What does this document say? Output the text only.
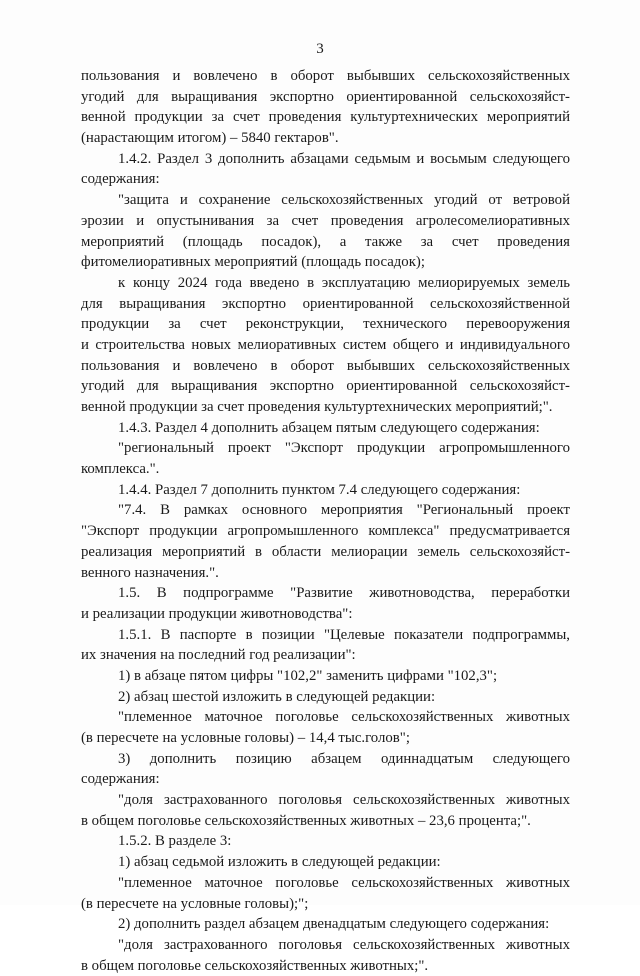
3
пользования и вовлечено в оборот выбывших сельскохозяйственных
угодий для выращивания экспортно ориентированной сельскохозяйст-
венной продукции за счет проведения культуртехнических мероприятий
(нарастающим итогом) – 5840 гектаров".
1.4.2. Раздел 3 дополнить абзацами седьмым и восьмым следующего
содержания:
"защита и сохранение сельскохозяйственных угодий от ветровой
эрозии и опустынивания за счет проведения агролесомелиоративных
мероприятий (площадь посадок), а также за счет проведения
фитомелиоративных мероприятий (площадь посадок);
к концу 2024 года введено в эксплуатацию мелиорируемых земель
для выращивания экспортно ориентированной сельскохозяйственной
продукции за счет реконструкции, технического перевооружения
и строительства новых мелиоративных систем общего и индивидуального
пользования и вовлечено в оборот выбывших сельскохозяйственных
угодий для выращивания экспортно ориентированной сельскохозяйст-
венной продукции за счет проведения культуртехнических мероприятий;".
1.4.3. Раздел 4 дополнить абзацем пятым следующего содержания:
"региональный проект "Экспорт продукции агропромышленного
комплекса.".
1.4.4. Раздел 7 дополнить пунктом 7.4 следующего содержания:
"7.4. В рамках основного мероприятия "Региональный проект
"Экспорт продукции агропромышленного комплекса" предусматривается
реализация мероприятий в области мелиорации земель сельскохозяйст-
венного назначения.".
1.5. В подпрограмме "Развитие животноводства, переработки
и реализации продукции животноводства":
1.5.1. В паспорте в позиции "Целевые показатели подпрограммы,
их значения на последний год реализации":
1) в абзаце пятом цифры "102,2" заменить цифрами "102,3";
2) абзац шестой изложить в следующей редакции:
"племенное маточное поголовье сельскохозяйственных животных
(в пересчете на условные головы) – 14,4 тыс.голов";
3) дополнить позицию абзацем одиннадцатым следующего
содержания:
"доля застрахованного поголовья сельскохозяйственных животных
в общем поголовье сельскохозяйственных животных – 23,6 процента;".
1.5.2. В разделе 3:
1) абзац седьмой изложить в следующей редакции:
"племенное маточное поголовье сельскохозяйственных животных
(в пересчете на условные головы);";
2) дополнить раздел абзацем двенадцатым следующего содержания:
"доля застрахованного поголовья сельскохозяйственных животных
в общем поголовье сельскохозяйственных животных;".
